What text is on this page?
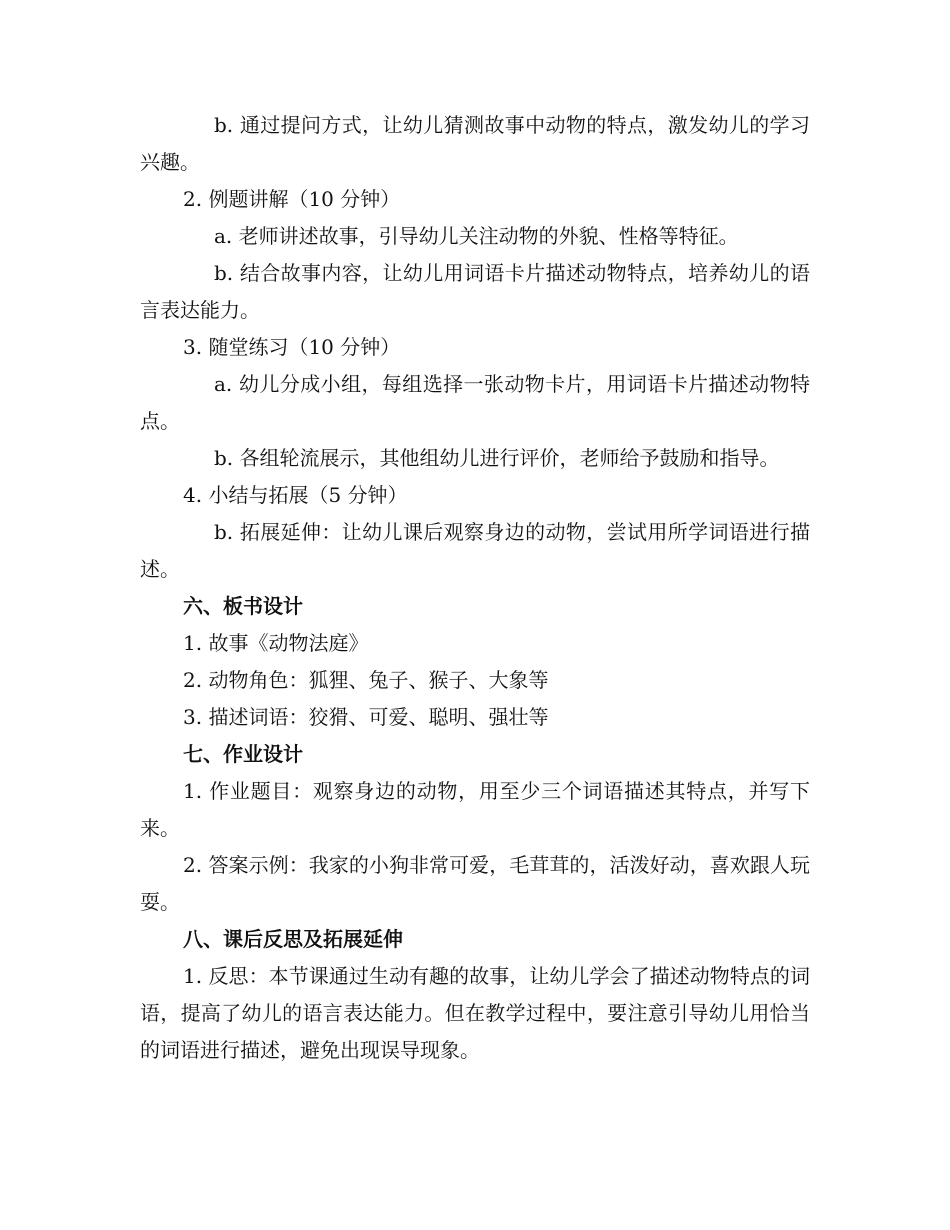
b. 通过提问方式，让幼儿猜测故事中动物的特点，激发幼儿的学习兴趣。

2. 例题讲解（10 分钟）

a. 老师讲述故事，引导幼儿关注动物的外貌、性格等特征。

b. 结合故事内容，让幼儿用词语卡片描述动物特点，培养幼儿的语言表达能力。

3. 随堂练习（10 分钟）

a. 幼儿分成小组，每组选择一张动物卡片，用词语卡片描述动物特点。

b. 各组轮流展示，其他组幼儿进行评价，老师给予鼓励和指导。

4. 小结与拓展（5 分钟）

b. 拓展延伸：让幼儿课后观察身边的动物，尝试用所学词语进行描述。

六、板书设计

1. 故事《动物法庭》

2. 动物角色：狐狸、兔子、猴子、大象等

3. 描述词语：狡猾、可爱、聪明、强壮等

七、作业设计

1. 作业题目：观察身边的动物，用至少三个词语描述其特点，并写下来。

2. 答案示例：我家的小狗非常可爱，毛茸茸的，活泼好动，喜欢跟人玩耍。

八、课后反思及拓展延伸

1. 反思：本节课通过生动有趣的故事，让幼儿学会了描述动物特点的词语，提高了幼儿的语言表达能力。但在教学过程中，要注意引导幼儿用恰当的词语进行描述，避免出现误导现象。
